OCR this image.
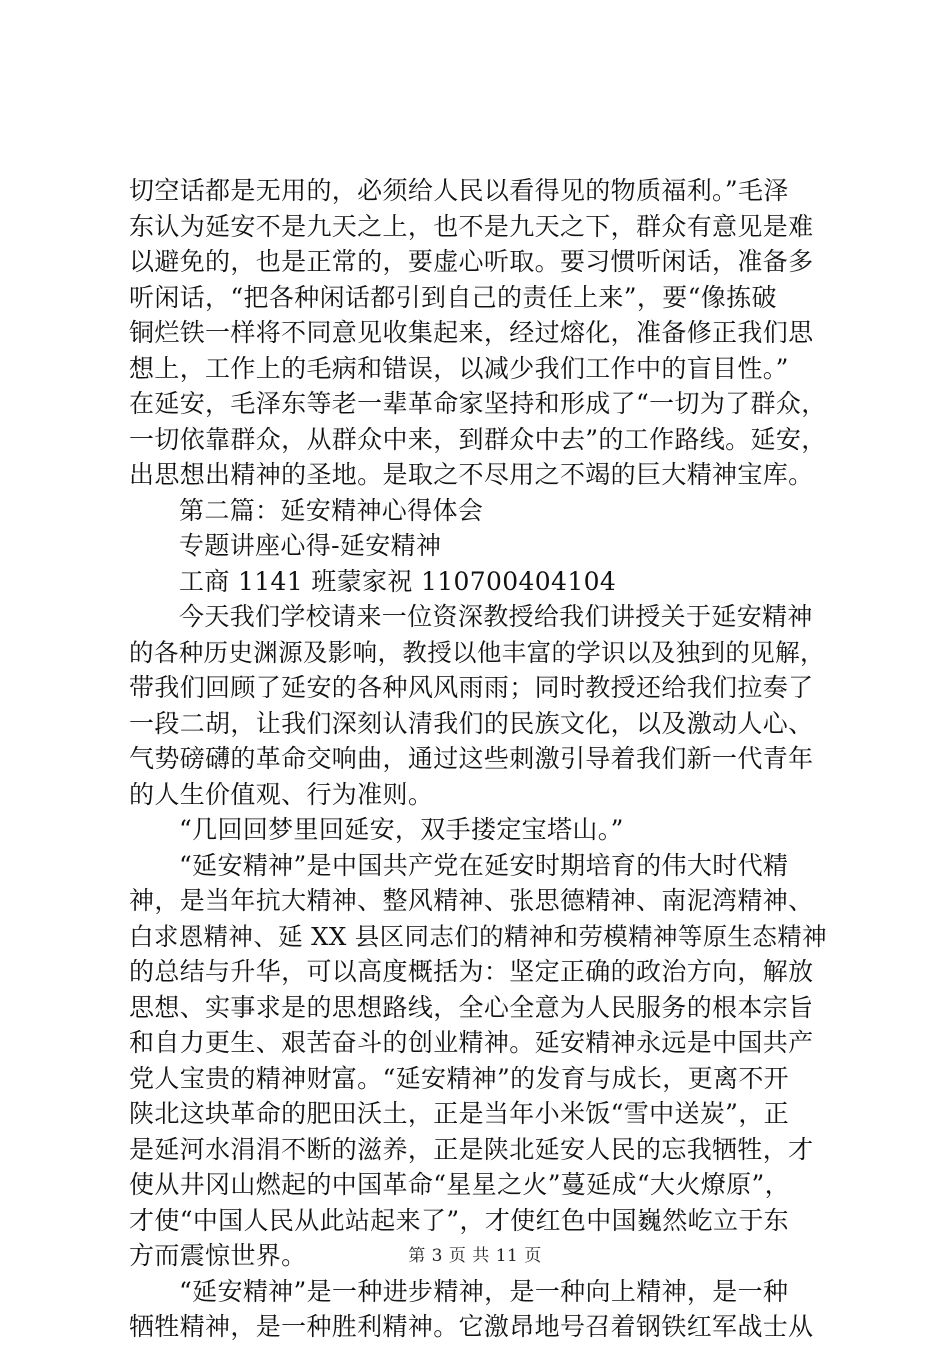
切空话都是无用的，必须给人民以看得见的物质福利。”毛泽
东认为延安不是九天之上，也不是九天之下，群众有意见是难
以避免的，也是正常的，要虚心听取。要习惯听闲话，准备多
听闲话，“把各种闲话都引到自己的责任上来”，要“像拣破
铜烂铁一样将不同意见收集起来，经过熔化，准备修正我们思
想上，工作上的毛病和错误，以减少我们工作中的盲目性。”
在延安，毛泽东等老一辈革命家坚持和形成了“一切为了群众，
一切依靠群众，从群众中来，到群众中去”的工作路线。延安，
出思想出精神的圣地。是取之不尽用之不竭的巨大精神宝库。
第二篇：延安精神心得体会
专题讲座心得-延安精神
工商 1141 班蒙家祝 110700404104
今天我们学校请来一位资深教授给我们讲授关于延安精神
的各种历史渊源及影响，教授以他丰富的学识以及独到的见解，
带我们回顾了延安的各种风风雨雨；同时教授还给我们拉奏了
一段二胡，让我们深刻认清我们的民族文化，以及激动人心、
气势磅礴的革命交响曲，通过这些刺激引导着我们新一代青年
的人生价值观、行为准则。
“几回回梦里回延安，双手搂定宝塔山。”
“延安精神”是中国共产党在延安时期培育的伟大时代精
神，是当年抗大精神、整风精神、张思德精神、南泥湾精神、
白求恩精神、延 XX 县区同志们的精神和劳模精神等原生态精神
的总结与升华，可以高度概括为：坚定正确的政治方向，解放
思想、实事求是的思想路线，全心全意为人民服务的根本宗旨
和自力更生、艰苦奋斗的创业精神。延安精神永远是中国共产
党人宝贵的精神财富。“延安精神”的发育与成长，更离不开
陕北这块革命的肥田沃土，正是当年小米饭“雪中送炭”，正
是延河水涓涓不断的滋养，正是陕北延安人民的忘我牺牲，才
使从井冈山燃起的中国革命“星星之火”蔓延成“大火燎原”，
才使“中国人民从此站起来了”，才使红色中国巍然屹立于东
方而震惊世界。
“延安精神”是一种进步精神，是一种向上精神，是一种
牺牲精神，是一种胜利精神。它激昂地号召着钢铁红军战士从
第 3 页 共 11 页
